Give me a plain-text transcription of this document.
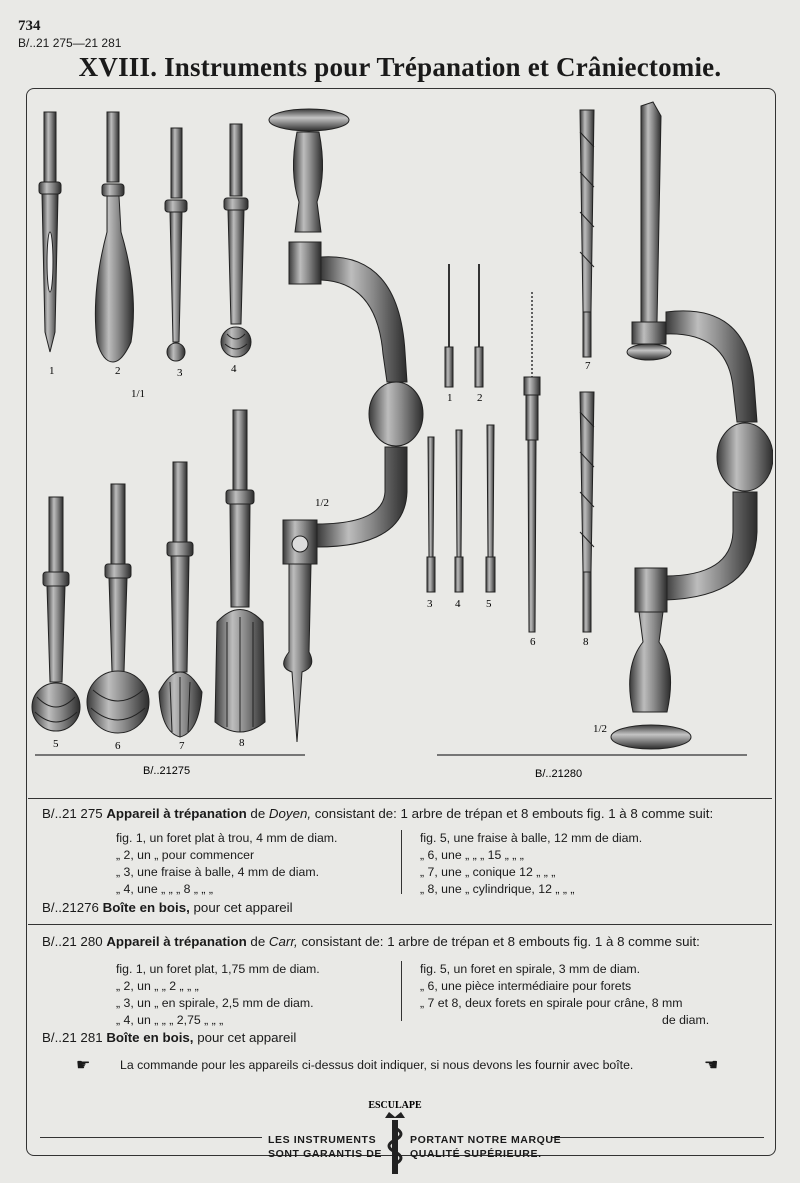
734
B/..21 275—21 281
XVIII. Instruments pour Trépanation et Crâniectomie.
1	2	3	4
1/1
5	6	7	8
1/2
1 2
3 4 5
6
7
8
1/2
B/..21275	B/..21280
B/..21 275 Appareil à trépanation de Doyen, consistant de: 1 arbre de trépan et 8 embouts fig. 1 à 8 comme suit:
fig. 1, un foret plat à trou, 4 mm de diam.
„ 2, un „ pour commencer
„ 3, une fraise à balle, 4 mm de diam.
„ 4, une „ „ „ 8 „ „ „
fig. 5, une fraise à balle, 12 mm de diam.
„ 6, une „ „ „ 15 „ „ „
„ 7, une „ conique 12 „ „ „
„ 8, une „ cylindrique, 12 „ „ „
B/..21276 Boîte en bois, pour cet appareil
B/..21 280 Appareil à trépanation de Carr, consistant de: 1 arbre de trépan et 8 embouts fig. 1 à 8 comme suit:
fig. 1, un foret plat, 1,75 mm de diam.
„ 2, un „ „ 2 „ „ „
„ 3, un „ en spirale, 2,5 mm de diam.
„ 4, un „ „ „ 2,75 „ „ „
fig. 5, un foret en spirale, 3 mm de diam.
„ 6, une pièce intermédiaire pour forets
„ 7 et 8, deux forets en spirale pour crâne, 8 mm
de diam.
B/..21 281 Boîte en bois, pour cet appareil
☛ La commande pour les appareils ci-dessus doit indiquer, si nous devons les fournir avec boîte.	☚
ESCULAPE
LES INSTRUMENTS
SONT GARANTIS DE
PORTANT NOTRE MARQUE
QUALITÉ SUPÉRIEURE.
